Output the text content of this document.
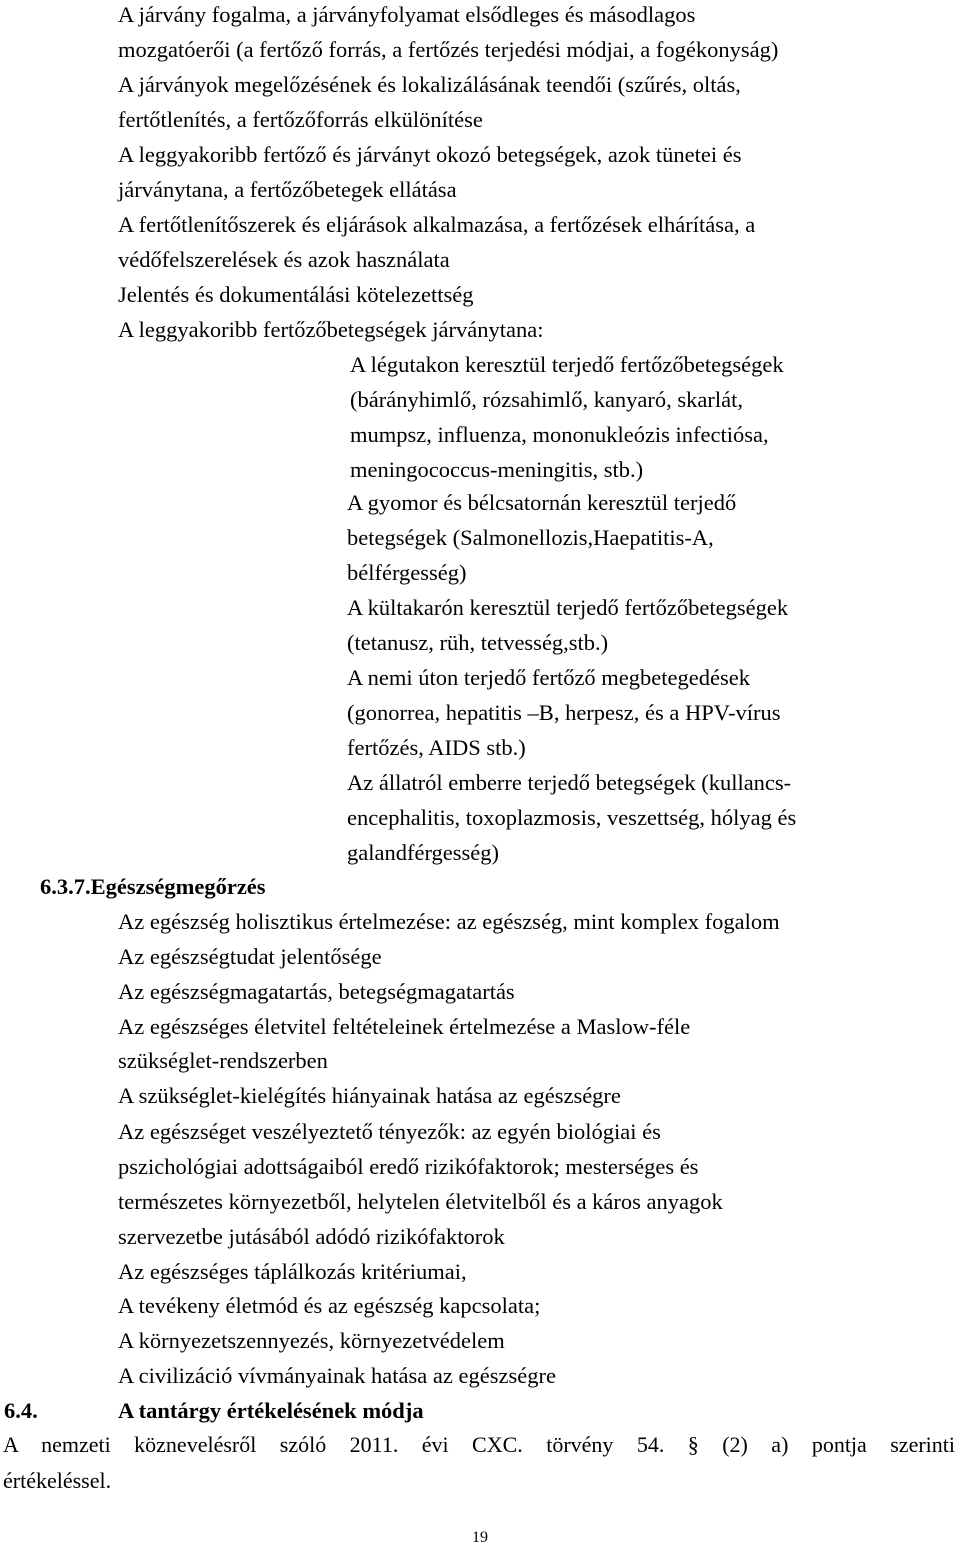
A járvány fogalma, a járványfolyamat elsődleges és másodlagos
mozgatóerői (a fertőző forrás, a fertőzés terjedési módjai, a fogékonyság)
A járványok megelőzésének és lokalizálásának teendői (szűrés, oltás,
fertőtlenítés, a fertőzőforrás elkülönítése
A leggyakoribb fertőző és járványt okozó betegségek, azok tünetei és
járványtana, a fertőzőbetegek ellátása
A fertőtlenítőszerek és eljárások alkalmazása, a fertőzések elhárítása, a
védőfelszerelések és azok használata
Jelentés és dokumentálási kötelezettség
A leggyakoribb fertőzőbetegségek járványtana:
A légutakon keresztül terjedő fertőzőbetegségek
(bárányhimlő, rózsahimlő, kanyaró, skarlát,
mumpsz, influenza, mononukleózis infectiósa,
meningococcus-meningitis, stb.)
A gyomor és bélcsatornán keresztül terjedő
betegségek (Salmonellozis,Haepatitis-A,
bélférgesség)
A kültakarón keresztül terjedő fertőzőbetegségek
(tetanusz, rüh, tetvesség,stb.)
A nemi úton terjedő fertőző megbetegedések
(gonorrea, hepatitis –B, herpesz, és a HPV-vírus
fertőzés, AIDS stb.)
Az állatról emberre terjedő betegségek (kullancs-
encephalitis, toxoplazmosis, veszettség, hólyag és
galandférgesség)
6.3.7.Egészségmegőrzés
Az egészség holisztikus értelmezése: az egészség, mint komplex fogalom
Az egészségtudat jelentősége
Az egészségmagatartás, betegségmagatartás
Az egészséges életvitel feltételeinek értelmezése a Maslow-féle
szükséglet-rendszerben
A szükséglet-kielégítés hiányainak hatása az egészségre
Az egészséget veszélyeztető tényezők: az egyén biológiai és
pszichológiai adottságaiból eredő rizikófaktorok; mesterséges és
természetes környezetből, helytelen életvitelből és a káros anyagok
szervezetbe jutásából adódó rizikófaktorok
Az egészséges táplálkozás kritériumai,
A tevékeny életmód és az egészség kapcsolata;
A környezetszennyezés, környezetvédelem
A civilizáció vívmányainak hatása az egészségre
6.4.	A tantárgy értékelésének módja
A nemzeti köznevelésről szóló 2011. évi CXC. törvény 54. § (2) a) pontja szerinti
értékeléssel.
19
